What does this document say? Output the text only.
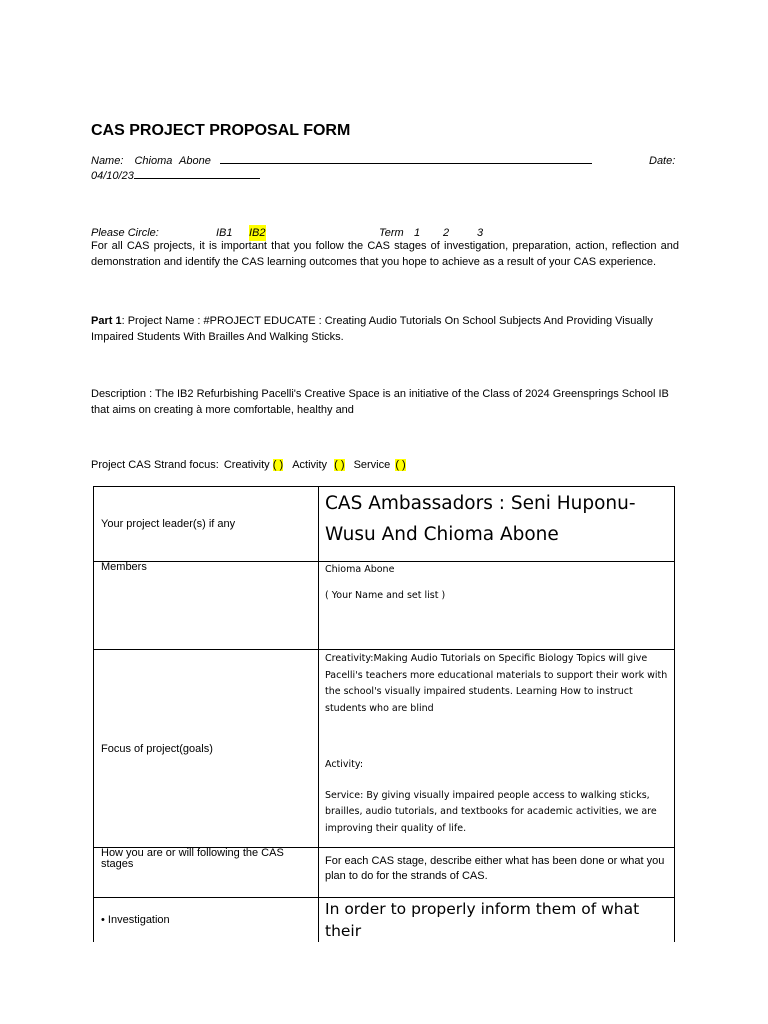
CAS PROJECT PROPOSAL FORM
Name: Chioma Abone	Date:
04/10/23
Please Circle:	IB1 IB2	Term 1 2	3
For all CAS projects, it is important that you follow the CAS stages of investigation, preparation, action, reflection and demonstration and identify the CAS learning outcomes that you hope to achieve as a result of your CAS experience.
Part 1: Project Name : #PROJECT EDUCATE : Creating Audio Tutorials On School Subjects And Providing Visually Impaired Students With Brailles And Walking Sticks.
Description : The IB2 Refurbishing Pacelli's Creative Space is an initiative of the Class of 2024 Greensprings School IB that aims on creating à more comfortable, healthy and
Project CAS Strand focus: Creativity ( ) Activity ( ) Service ( )
Your project leader(s) if any	CAS Ambassadors : Seni Huponu-Wusu And Chioma Abone

Members	Chioma Abone
( Your Name and set list )

Focus of project(goals)	Creativity:Making Audio Tutorials on Specific Biology Topics will give Pacelli's teachers more educational materials to support their work with the school's visually impaired students. Learning How to instruct students who are blind
Activity:
Service: By giving visually impaired people access to walking sticks, brailles, audio tutorials, and textbooks for academic activities, we are improving their quality of life.

How you are or will following the CAS stages	For each CAS stage, describe either what has been done or what you plan to do for the strands of CAS.
• Investigation	In order to properly inform them of what their
